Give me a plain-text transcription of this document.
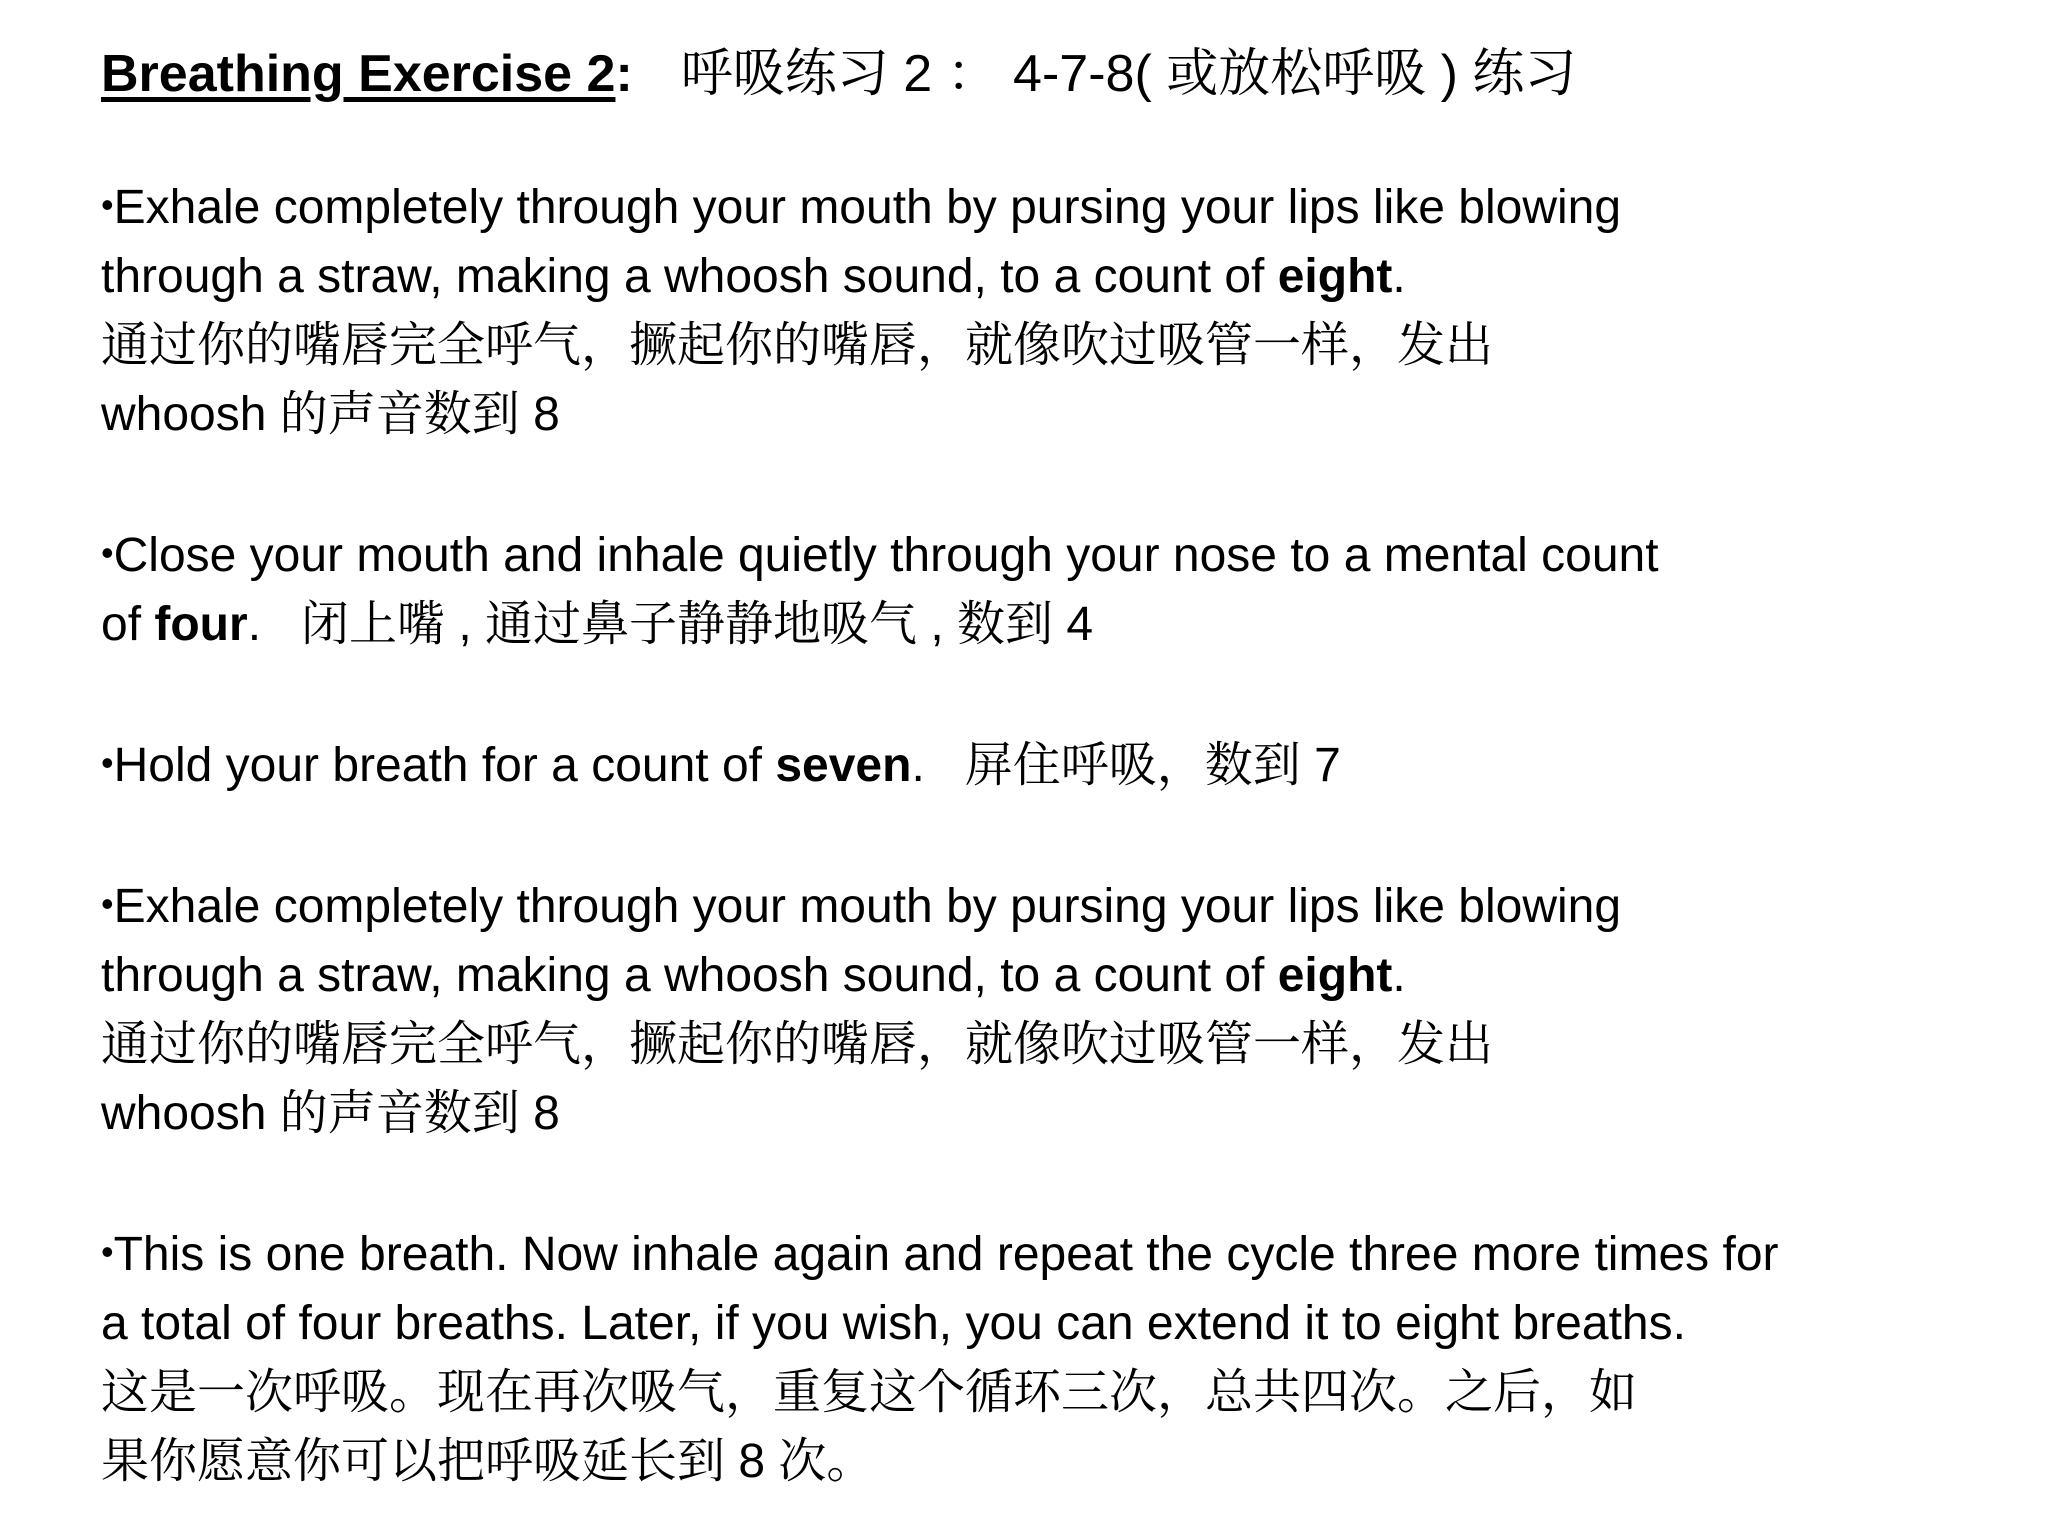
Breathing Exercise 2: 呼吸练习 2 ： 4-7-8( 或放松呼吸 ) 练习
•Exhale completely through your mouth by pursing your lips like blowing
through a straw, making a whoosh sound, to a count of eight.
通过你的嘴唇完全呼气，撅起你的嘴唇，就像吹过吸管一样，发出
whoosh 的声音数到 8
•Close your mouth and inhale quietly through your nose to a mental count
of four. 闭上嘴 , 通过鼻子静静地吸气 , 数到 4
•Hold your breath for a count of seven. 屏住呼吸，数到 7
•Exhale completely through your mouth by pursing your lips like blowing
through a straw, making a whoosh sound, to a count of eight.
通过你的嘴唇完全呼气，撅起你的嘴唇，就像吹过吸管一样，发出
whoosh 的声音数到 8
•This is one breath. Now inhale again and repeat the cycle three more times for
a total of four breaths. Later, if you wish, you can extend it to eight breaths.
这是一次呼吸。现在再次吸气，重复这个循环三次，总共四次。之后，如
果你愿意你可以把呼吸延长到 8 次。
